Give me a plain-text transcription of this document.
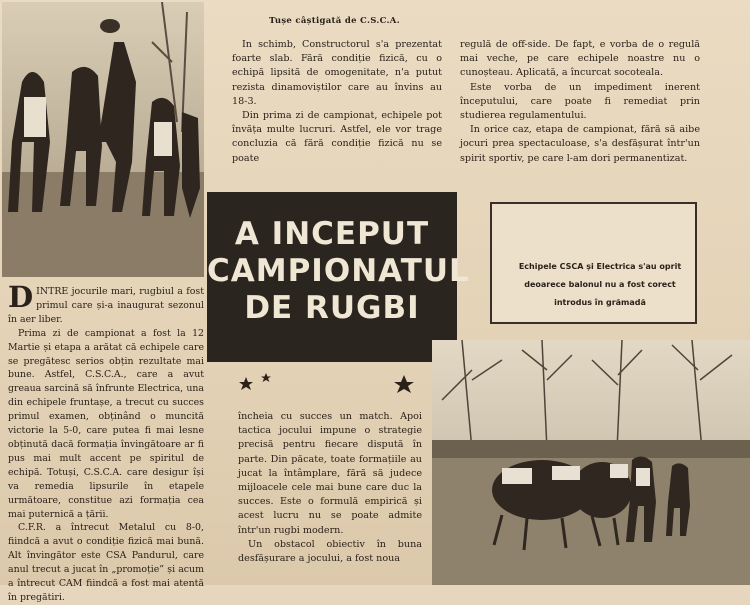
Tușe câștigată de C.S.C.A.

In schimb, Constructorul s'a prezentat foarte slab. Fără condiție fizică, cu o echipă lipsită de omogenitate, n'a putut rezista dinamoviștilor care au învins au 18-3.

Din prima zi de campionat, echipele pot învăța multe lucruri. Astfel, ele vor trage concluzia că fără condiție fizică nu se poate

regulă de off-side. De fapt, e vorba de o regulă mai veche, pe care echipele noastre nu o cunoșteau. Aplicată, a încurcat socoteala.

Este vorba de un impediment inerent începutului, care poate fi remediat prin studierea regulamentului.

In orice caz, etapa de campionat, fără să aibe jocuri prea spectaculoase, s'a desfășurat într'un spirit sportiv, pe care l-am dori permanentizat.

A INCEPUT
CAMPIONATUL
DE RUGBI
Echipele CSCA și Electrica s'au oprit deoarece balonul nu a fost corect introdus în grămadă

DINTRE jocurile mari, rugbiul a fost primul care și-a inaugurat sezonul în aer liber.

Prima zi de campionat a fost la 12 Martie și etapa a arătat că echipele care se pregătesc serios obțin rezultate mai bune. Astfel, C.S.C.A., care a avut greaua sarcină să înfrunte Electrica, una din echipele fruntașe, a trecut cu succes primul examen, obținând o muncită victorie la 5-0, care putea fi mai lesne obținută dacă formația învingătoare ar fi pus mai mult accent pe spiritul de echipă. Totuși, C.S.C.A. care desigur își va remedia lipsurile în etapele următoare, constitue azi formația cea mai puternică a țării.

C.F.R. a întrecut Metalul cu 8-0, fiindcă a avut o condiție fizică mai bună. Alt învingător este CSA Pandurul, care anul trecut a jucat în „promoție” și acum a întrecut CAM fiindcă a fost mai atentă în pregătiri.

încheia cu succes un match. Apoi tactica jocului impune o strategie precisă pentru fiecare dispută în parte. Din păcate, toate formațiile au jucat la întâmplare, fără să judece mijloacele cele mai bune care duc la succes. Este o formulă empirică și acest lucru nu se poate admite într'un rugbi modern.

Un obstacol obiectiv în buna desfășurare a jocului, a fost noua
